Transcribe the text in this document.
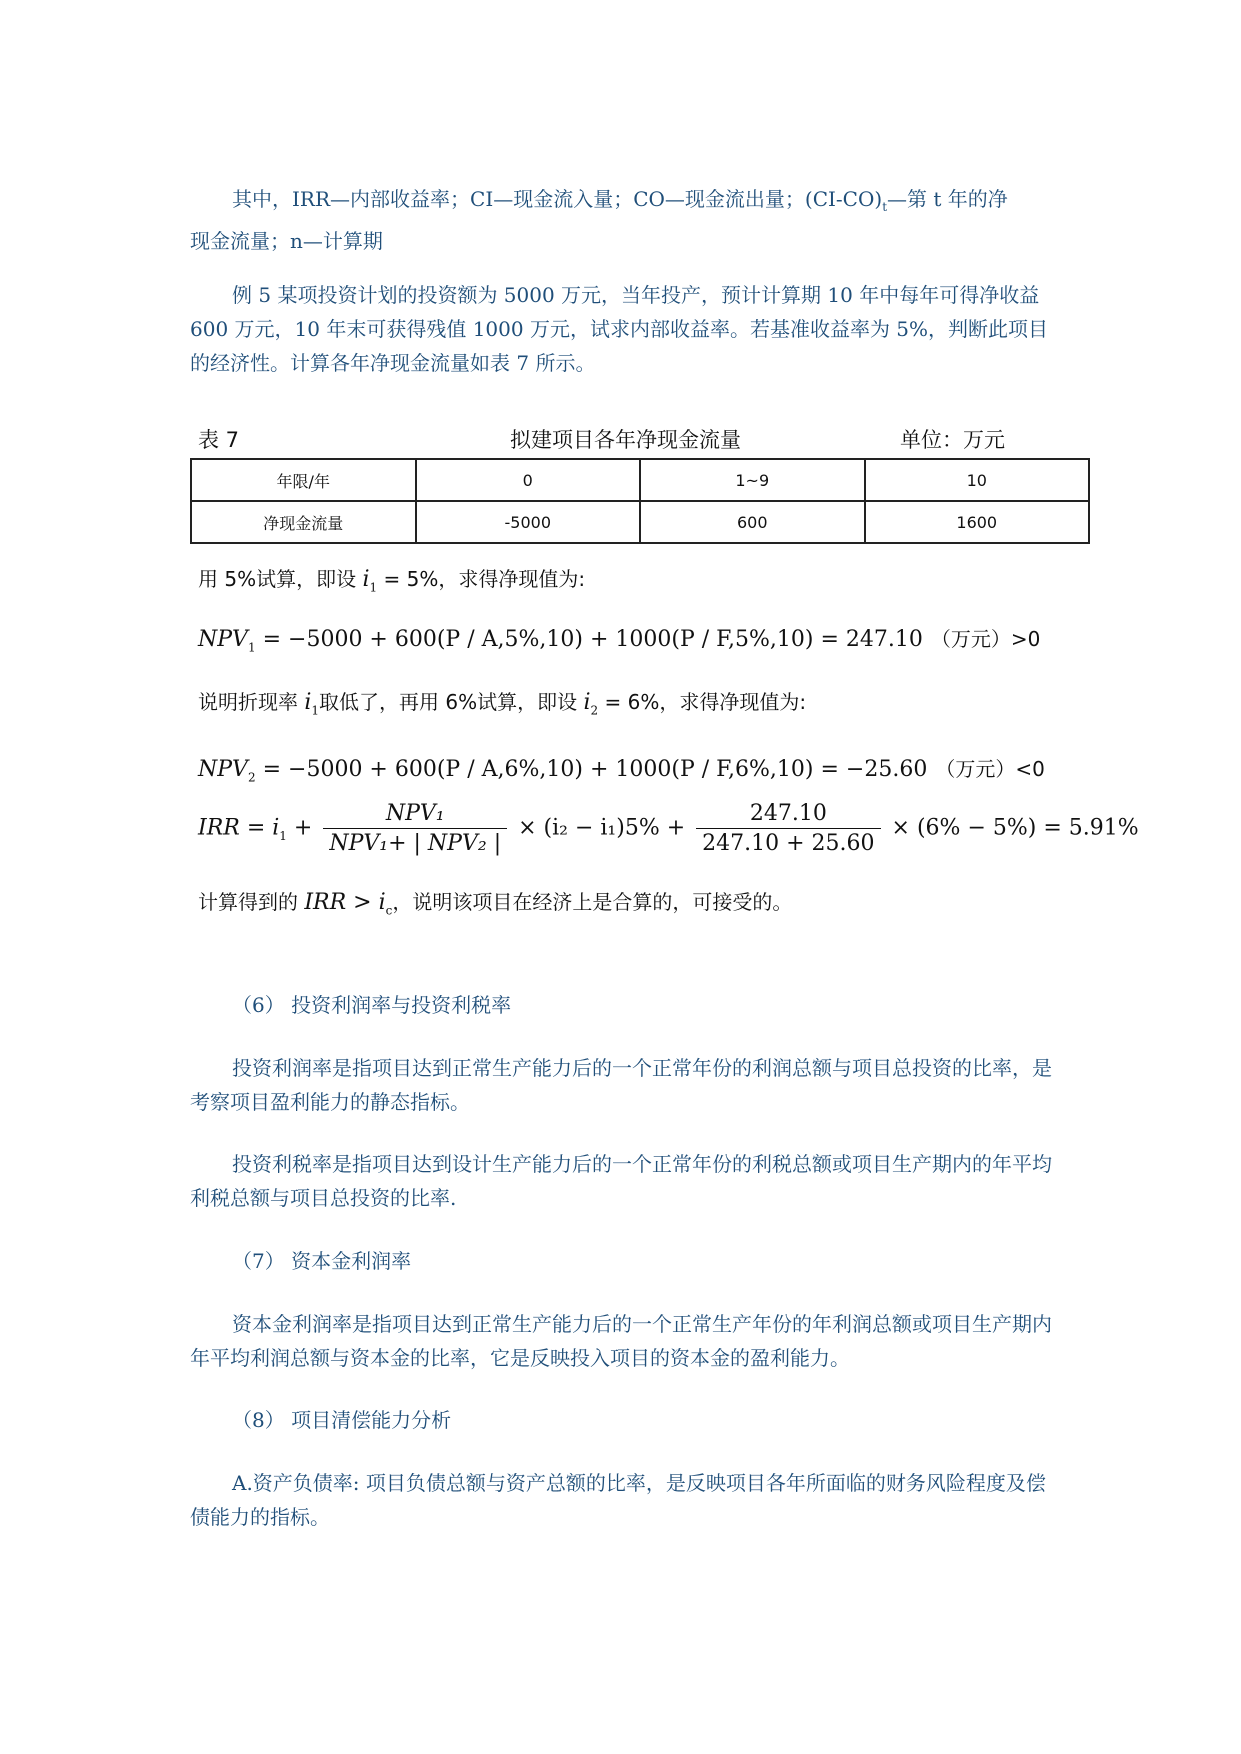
其中，IRR—内部收益率；CI—现金流入量；CO—现金流出量；$(CI-CO)_t—$第 t 年的净
现金流量；n—计算期

例 5 某项投资计划的投资额为 5000 万元，当年投产，预计计算期 10 年中每年可得净收益 600 万元，10 年末可获得残值 1000 万元，试求内部收益率。若基准收益率为 5%，判断此项目的经济性。计算各年净现金流量如表 7 所示。

表 7	拟建项目各年净现金流量	单位：万元
年限/年	0	1~9	10
净现金流量	-5000	600	1600
用 5%试算，即设 $i_1 = 5\%$，求得净现值为:
$NPV_1 = -5000 + 600(P / A,5\%,10) + 1000(P / F,5\%,10) = 247.10$ （万元）>0
说明折现率 $i_1$取低了，再用 6%试算，即设 $i_2 = 6\%$，求得净现值为:
$NPV_2 = -5000 + 600(P / A,6\%,10) + 1000(P / F,6\%,10) = -25.60$ （万元）<0
IRR = $i_1 + \frac{\text{NPV₁}}{\text{NPV₁+ | NPV₂ |}} \times (i_2 - i_1)5\% + \frac{247.10}{247.10 + 25.60} \times (6\% - 5\%) = 5.91\%$
计算得到的 IRR > $i_c$，说明该项目在经济上是合算的，可接受的。

（6） 投资利润率与投资利税率

投资利润率是指项目达到正常生产能力后的一个正常年份的利润总额与项目总投资的比率，是考察项目盈利能力的静态指标。

投资利税率是指项目达到设计生产能力后的一个正常年份的利税总额或项目生产期内的年平均利税总额与项目总投资的比率.

（7） 资本金利润率

资本金利润率是指项目达到正常生产能力后的一个正常生产年份的年利润总额或项目生产期内年平均利润总额与资本金的比率，它是反映投入项目的资本金的盈利能力。

（8） 项目清偿能力分析

A.资产负债率: 项目负债总额与资产总额的比率，是反映项目各年所面临的财务风险程度及偿债能力的指标。
